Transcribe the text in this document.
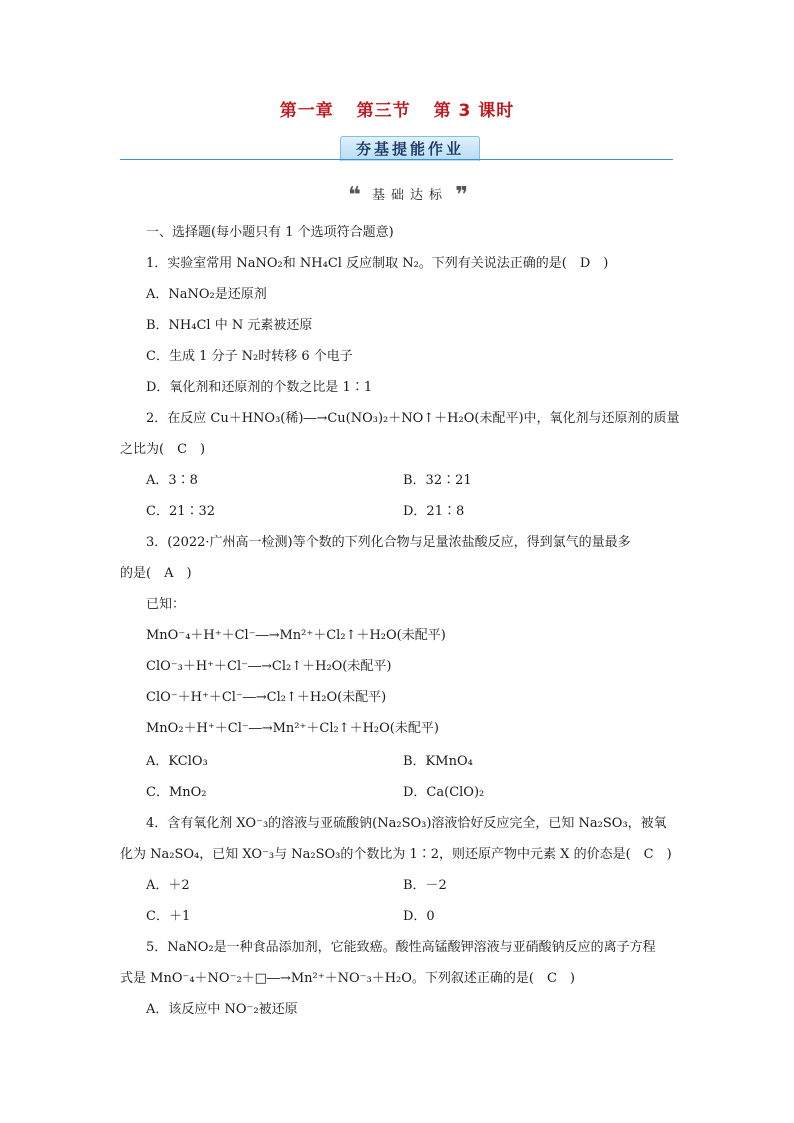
第一章 第三节 第 3 课时
夯基提能作业
❝ 基础达标 ❞
一、选择题(每小题只有 1 个选项符合题意)
1．实验室常用 NaNO₂和 NH₄Cl 反应制取 N₂。下列有关说法正确的是(　D　)
A．NaNO₂是还原剂
B．NH₄Cl 中 N 元素被还原
C．生成 1 分子 N₂时转移 6 个电子
D．氧化剂和还原剂的个数之比是 1∶1
2．在反应 Cu＋HNO₃(稀)―→Cu(NO₃)₂＋NO↑＋H₂O(未配平)中，氧化剂与还原剂的质量
之比为(　C　)
A．3∶8	B．32∶21
C．21∶32	D．21∶8
3．(2022·广州高一检测)等个数的下列化合物与足量浓盐酸反应，得到氯气的量最多
的是(　A　)
已知：
MnO⁻₄＋H⁺＋Cl⁻―→Mn²⁺＋Cl₂↑＋H₂O(未配平)
ClO⁻₃＋H⁺＋Cl⁻―→Cl₂↑＋H₂O(未配平)
ClO⁻＋H⁺＋Cl⁻―→Cl₂↑＋H₂O(未配平)
MnO₂＋H⁺＋Cl⁻―→Mn²⁺＋Cl₂↑＋H₂O(未配平)
A．KClO₃	B．KMnO₄
C．MnO₂	D．Ca(ClO)₂
4．含有氧化剂 XO⁻₃的溶液与亚硫酸钠(Na₂SO₃)溶液恰好反应完全，已知 Na₂SO₃，被氧
化为 Na₂SO₄，已知 XO⁻₃与 Na₂SO₃的个数比为 1∶2，则还原产物中元素 X 的价态是(　C　)
A．＋2	B．－2
C．＋1	D．0
5．NaNO₂是一种食品添加剂，它能致癌。酸性高锰酸钾溶液与亚硝酸钠反应的离子方程
式是 MnO⁻₄＋NO⁻₂＋□―→Mn²⁺＋NO⁻₃＋H₂O。下列叙述正确的是(　C　)
A．该反应中 NO⁻₂被还原
